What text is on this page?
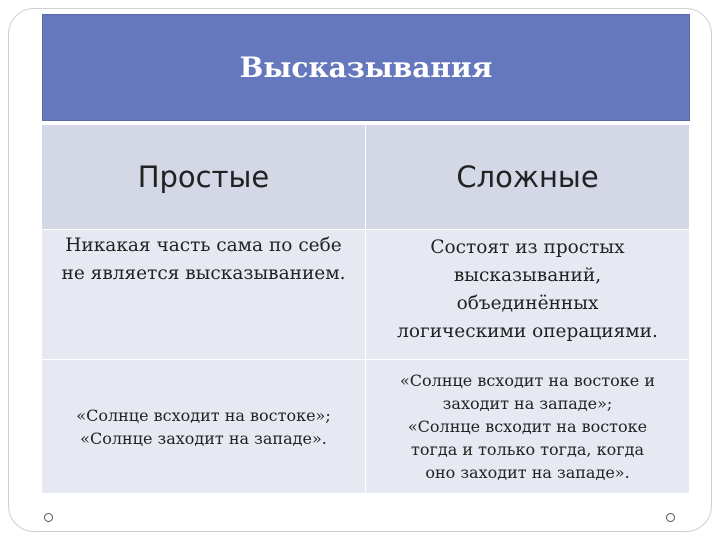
Высказывания
Простые	Сложные
Никакая часть сама по себе
не является высказыванием.
Состоят из простых
высказываний,
объединённых
логическими операциями.
«Солнце всходит на востоке»;
«Солнце заходит на западе».
«Солнце всходит на востоке и
заходит на западе»;
«Солнце всходит на востоке
тогда и только тогда, когда
оно заходит на западе».
